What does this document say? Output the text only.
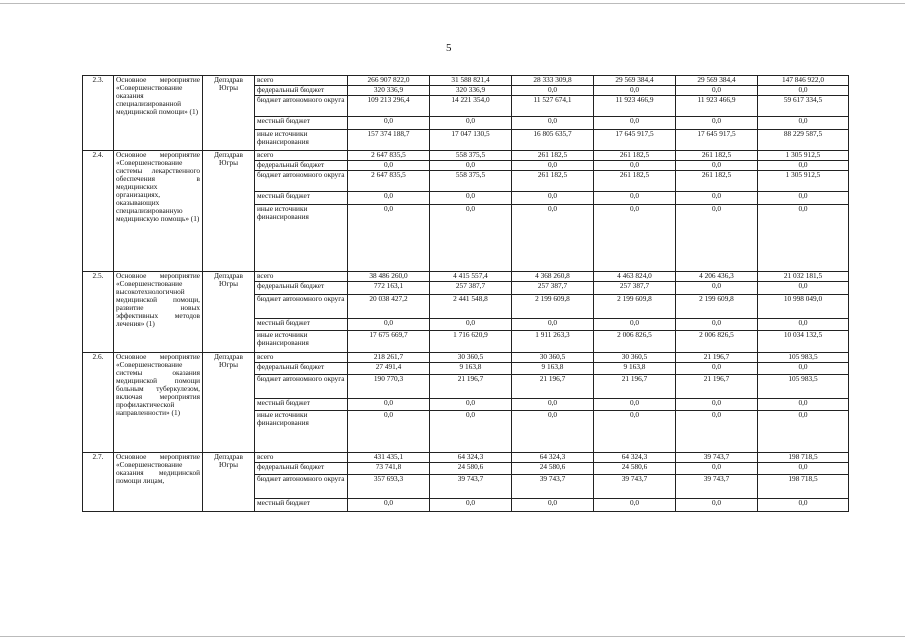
5
2.3.	Основное мероприятие «Совершенствование оказания специализированной медицинской помощи» (1)	Депздрав Югры	всего	266 907 822,0	31 588 821,4	28 333 309,8	29 569 384,4	29 569 384,4	147 846 922,0
			федеральный бюджет	320 336,9	320 336,9	0,0	0,0	0,0	0,0
			бюджет автономного округа	109 213 296,4	14 221 354,0	11 527 674,1	11 923 466,9	11 923 466,9	59 617 334,5
			местный бюджет	0,0	0,0	0,0	0,0	0,0	0,0
			иные источники финансирования	157 374 188,7	17 047 130,5	16 805 635,7	17 645 917,5	17 645 917,5	88 229 587,5
2.4.	Основное мероприятие «Совершенствование системы лекарственного обеспечения в медицинских организациях, оказывающих специализированную медицинскую помощь» (1)	Депздрав Югры	всего	2 647 835,5	558 375,5	261 182,5	261 182,5	261 182,5	1 305 912,5
			федеральный бюджет	0,0	0,0	0,0	0,0	0,0	0,0
			бюджет автономного округа	2 647 835,5	558 375,5	261 182,5	261 182,5	261 182,5	1 305 912,5
			местный бюджет	0,0	0,0	0,0	0,0	0,0	0,0
			иные источники финансирования	0,0	0,0	0,0	0,0	0,0	0,0
2.5.	Основное мероприятие «Совершенствование высокотехнологичной медицинской помощи, развитие новых эффективных методов лечения» (1)	Депздрав Югры	всего	38 486 260,0	4 415 557,4	4 368 260,8	4 463 824,0	4 206 436,3	21 032 181,5
			федеральный бюджет	772 163,1	257 387,7	257 387,7	257 387,7	0,0	0,0
			бюджет автономного округа	20 038 427,2	2 441 548,8	2 199 609,8	2 199 609,8	2 199 609,8	10 998 049,0
			местный бюджет	0,0	0,0	0,0	0,0	0,0	0,0
			иные источники финансирования	17 675 669,7	1 716 620,9	1 911 263,3	2 006 826,5	2 006 826,5	10 034 132,5
2.6.	Основное мероприятие «Совершенствование системы оказания медицинской помощи больным туберкулезом, включая мероприятия профилактической направленности» (1)	Депздрав Югры	всего	218 261,7	30 360,5	30 360,5	30 360,5	21 196,7	105 983,5
			федеральный бюджет	27 491,4	9 163,8	9 163,8	9 163,8	0,0	0,0
			бюджет автономного округа	190 770,3	21 196,7	21 196,7	21 196,7	21 196,7	105 983,5
			местный бюджет	0,0	0,0	0,0	0,0	0,0	0,0
			иные источники финансирования	0,0	0,0	0,0	0,0	0,0	0,0
2.7.	Основное мероприятие «Совершенствование оказания медицинской помощи лицам,	Депздрав Югры	всего	431 435,1	64 324,3	64 324,3	64 324,3	39 743,7	198 718,5
			федеральный бюджет	73 741,8	24 580,6	24 580,6	24 580,6	0,0	0,0
			бюджет автономного округа	357 693,3	39 743,7	39 743,7	39 743,7	39 743,7	198 718,5
			местный бюджет	0,0	0,0	0,0	0,0	0,0	0,0
